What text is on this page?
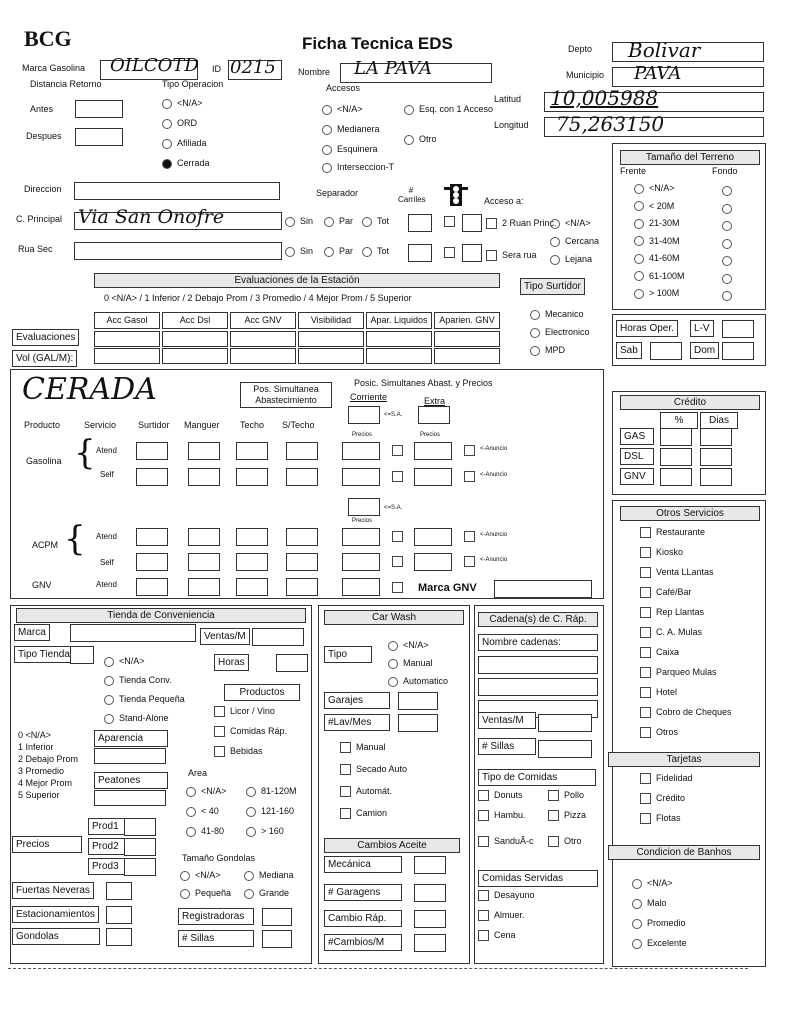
BCG	Ficha Tecnica EDS	Depto Bolivar
Municipio PAVA
Marca Gasolina OILCOTD ID 0215 Nombre LA PAVA
Latitud 10,005988
Longitud 75,263150
Distancia Retorno
Antes
Despues
Tipo Operacion	Accesos
Direccion	Separador	# Carriles	Acceso a:
C. Principal Via San Onofre	Sin	Par	Tot	2 Ruan Princ.
Rua Sec	Sin	Par	Tot	Sera rua
Tamaño del Terreno
Frente	Fondo
Evaluaciones de la Estación
0 <N/A> / 1 Inferior / 2 Debajo Prom / 3 Promedio / 4 Mejor Prom / 5 Superior
Evaluaciones
Vol (GAL/M):
Tipo Surtidor
Horas Oper.	L-V
Sab	Dom
CERADA	Pos. Simultanea Abastecimiento
Posic. Simultanes Abast. y Precios
Corriente	Extra
<=S.A.
Precios	Precios
Gasolina { Atend
Self
<=S.A.
Precios
ACPM { Atend
Self
GNV	Atend	Marca GNV
Crédito
%	Dias
Otros Servicios
Tarjetas
Condicion de Banhos
Tienda de Conveniencia
Marca	Ventas/M
Tipo Tienda
Horas
Productos
Aparencia
Peatones
Area
Precios
Tamaño Gondolas
Fuertas Neveras
Estacionamientos
Gondolas
Registradoras
# Sillas
Car Wash
Tipo
Garajes
#Lav/Mes
Cambios Aceite
Mecánica
# Garagens
Cambio Ráp.
#Cambios/M
Cadena(s) de C. Ráp.
Nombre cadenas:
Ventas/M
# Sillas
Tipo de Comidas
Comidas Servidas
<N/A>
ORD
Afiliada
Cerrada
<N/A>
Medianera
Esquinera
Interseccion-T
Esq. con 1 Acceso
Otro
<N/A>
Cercana
Lejana
<N/A>
< 20M
21-30M
31-40M
41-60M
61-100M
> 100M
Acc Gasol	Acc Dsl	Acc GNV	Visibilidad	Apar. Liquidos	Aparien. GNV
Mecanico
Electronico
MPD
Producto	Servicio Surtidor Manguer Techo S/Techo
<-Anuncio
<-Anuncio
<-Anuncio
<-Anuncio
GAS
DSL
GNV
Restaurante
Kiosko
Venta LLantas
Café/Bar
Rep Llantas
C. A. Mulas
Caixa
Parqueo Mulas
Hotel
Cobro de Cheques
Otros
Fidelidad
Crédito
Flotas
<N/A>
Malo
Promedio
Excelente
<N/A>
Tienda Conv.
Tienda Pequeña
Stand-Alone
Licor / Vino
Comidas Ráp.
Bebidas
0 <N/A>
1 Inferior
2 Debajo Prom
3 Promedio
4 Mejor Prom
5 Superior	<N/A>
< 40
41-80
81-120M
121-160
> 160
Prod1
Prod2
Prod3
<N/A>	Mediana
Pequeña	Grande
<N/A>
Manual
Automatico
Manual
Secado Auto
Automát.
Camion
Donuts	Pollo
Hambu.	Pizza
SanduÃ-c	Otro
Desayuno
Almuer.
Cena
